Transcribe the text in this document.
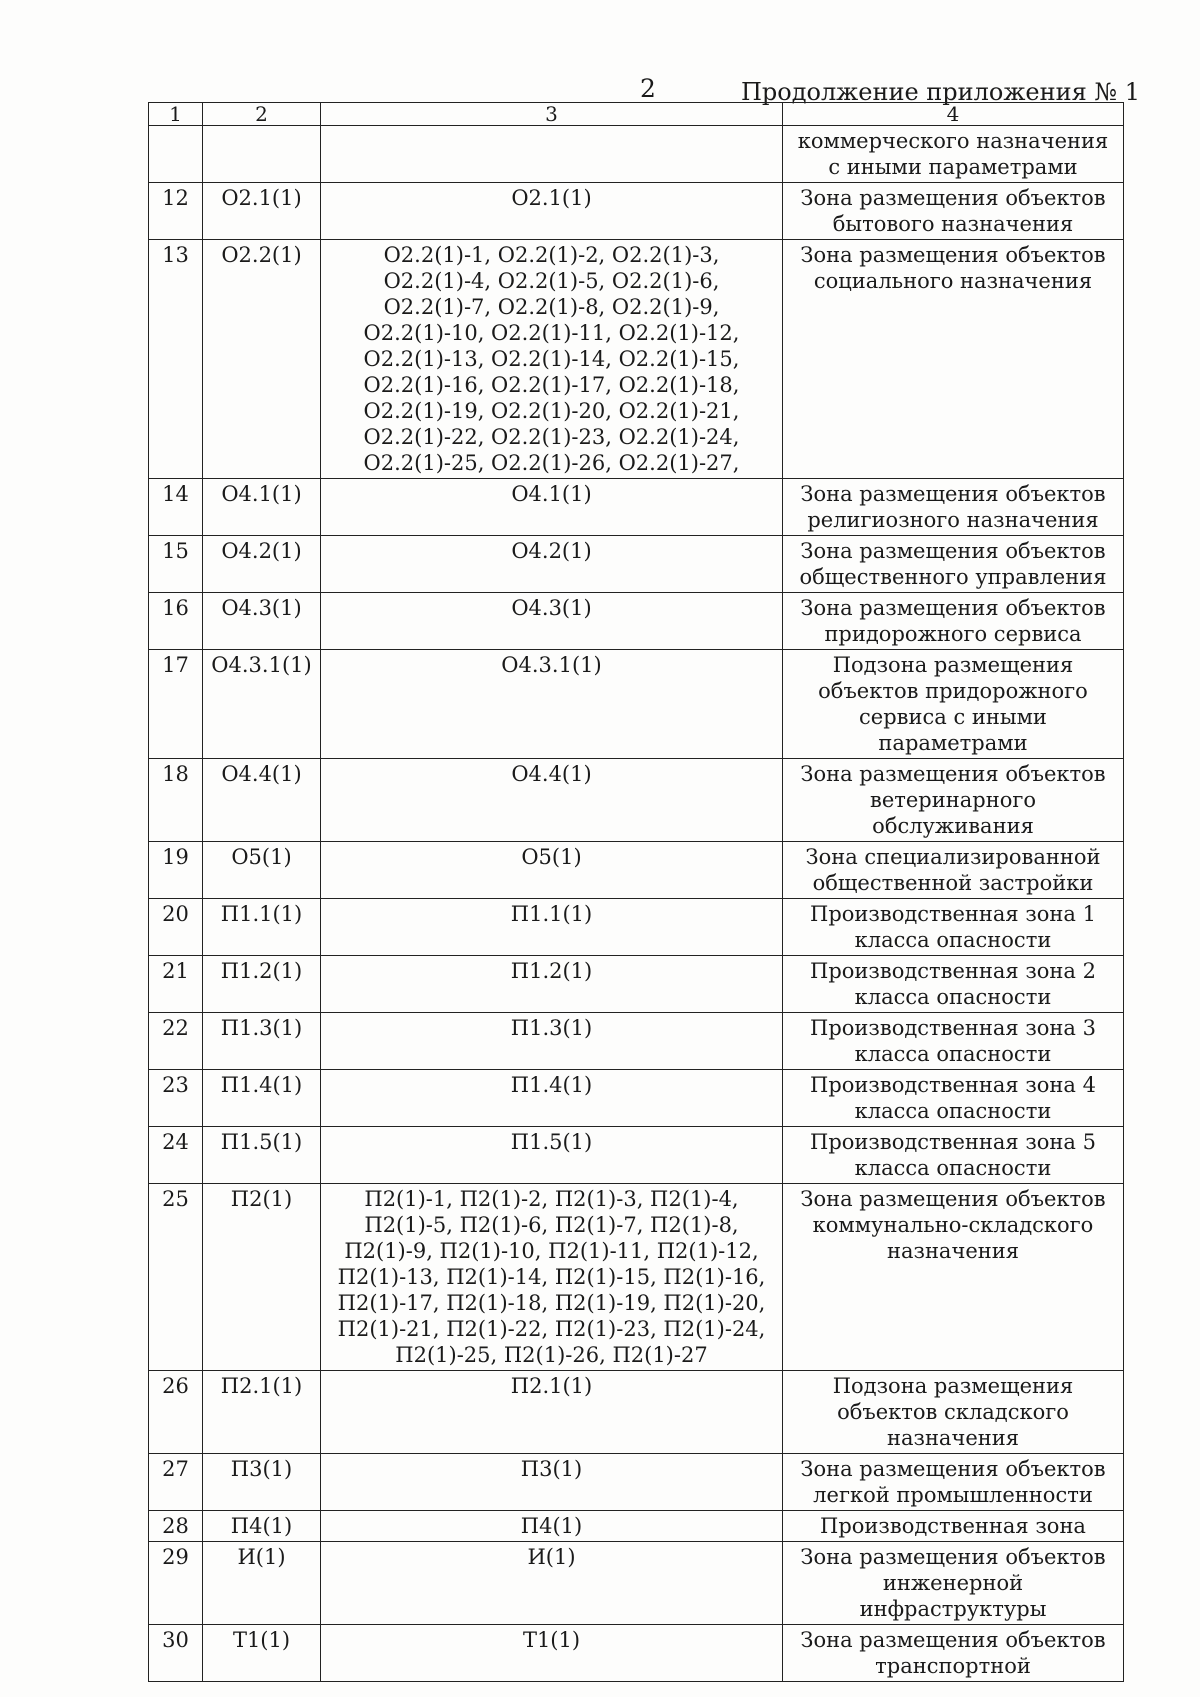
2	Продолжение приложения № 1
1	2	3	4
			коммерческого назначения с иными параметрами
12	О2.1(1)	О2.1(1)	Зона размещения объектов бытового назначения
13	О2.2(1)	О2.2(1)-1, О2.2(1)-2, О2.2(1)-3, О2.2(1)-4, О2.2(1)-5, О2.2(1)-6, О2.2(1)-7, О2.2(1)-8, О2.2(1)-9, О2.2(1)-10, О2.2(1)-11, О2.2(1)-12, О2.2(1)-13, О2.2(1)-14, О2.2(1)-15, О2.2(1)-16, О2.2(1)-17, О2.2(1)-18, О2.2(1)-19, О2.2(1)-20, О2.2(1)-21, О2.2(1)-22, О2.2(1)-23, О2.2(1)-24, О2.2(1)-25, О2.2(1)-26, О2.2(1)-27,	Зона размещения объектов социального назначения
14	О4.1(1)	О4.1(1)	Зона размещения объектов религиозного назначения
15	О4.2(1)	О4.2(1)	Зона размещения объектов общественного управления
16	О4.3(1)	О4.3(1)	Зона размещения объектов придорожного сервиса
17	О4.3.1(1)	О4.3.1(1)	Подзона размещения объектов придорожного сервиса с иными параметрами
18	О4.4(1)	О4.4(1)	Зона размещения объектов ветеринарного обслуживания
19	О5(1)	О5(1)	Зона специализированной общественной застройки
20	П1.1(1)	П1.1(1)	Производственная зона 1 класса опасности
21	П1.2(1)	П1.2(1)	Производственная зона 2 класса опасности
22	П1.3(1)	П1.3(1)	Производственная зона 3 класса опасности
23	П1.4(1)	П1.4(1)	Производственная зона 4 класса опасности
24	П1.5(1)	П1.5(1)	Производственная зона 5 класса опасности
25	П2(1)	П2(1)-1, П2(1)-2, П2(1)-3, П2(1)-4, П2(1)-5, П2(1)-6, П2(1)-7, П2(1)-8, П2(1)-9, П2(1)-10, П2(1)-11, П2(1)-12, П2(1)-13, П2(1)-14, П2(1)-15, П2(1)-16, П2(1)-17, П2(1)-18, П2(1)-19, П2(1)-20, П2(1)-21, П2(1)-22, П2(1)-23, П2(1)-24, П2(1)-25, П2(1)-26, П2(1)-27	Зона размещения объектов коммунально-складского назначения
26	П2.1(1)	П2.1(1)	Подзона размещения объектов складского назначения
27	П3(1)	П3(1)	Зона размещения объектов легкой промышленности
28	П4(1)	П4(1)	Производственная зона
29	И(1)	И(1)	Зона размещения объектов инженерной инфраструктуры
30	Т1(1)	Т1(1)	Зона размещения объектов транспортной
